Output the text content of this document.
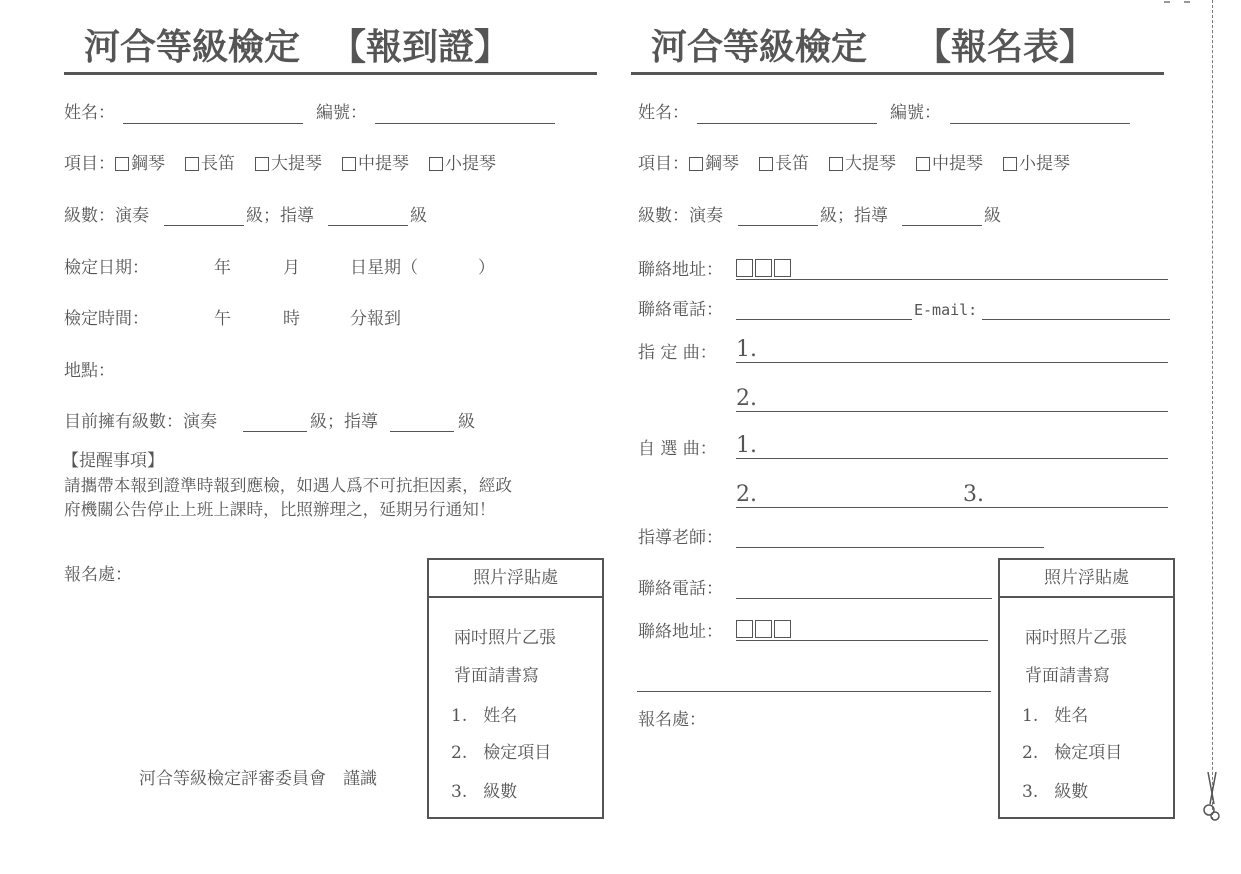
河合等級檢定 【報到證】
姓名：	編號：
項目： 鋼琴 長笛 大提琴 中提琴 小提琴
級數：演奏	級；指導	級
檢定日期：	年	月	日星期（	）
檢定時間：	午	時	分報到
地點：
目前擁有級數：演奏	級；指導	級
【提醒事項】
請攜帶本報到證準時報到應檢，如遇人爲不可抗拒因素，經政
府機關公告停止上班上課時，比照辦理之，延期另行通知！
報名處：
河合等級檢定評審委員會　謹識
照片浮貼處
兩吋照片乙張
背面請書寫
1. 姓名
2. 檢定項目
3. 級數
河合等級檢定 【報名表】
姓名：	編號：
項目： 鋼琴 長笛 大提琴 中提琴 小提琴
級數：演奏	級；指導	級
聯絡地址：
聯絡電話：	E-mail:
指 定 曲： 1.
2.
自 選 曲： 1.
2.	3.
指導老師：
聯絡電話：
聯絡地址：
報名處：
照片浮貼處
兩吋照片乙張
背面請書寫
1. 姓名
2. 檢定項目
3. 級數
